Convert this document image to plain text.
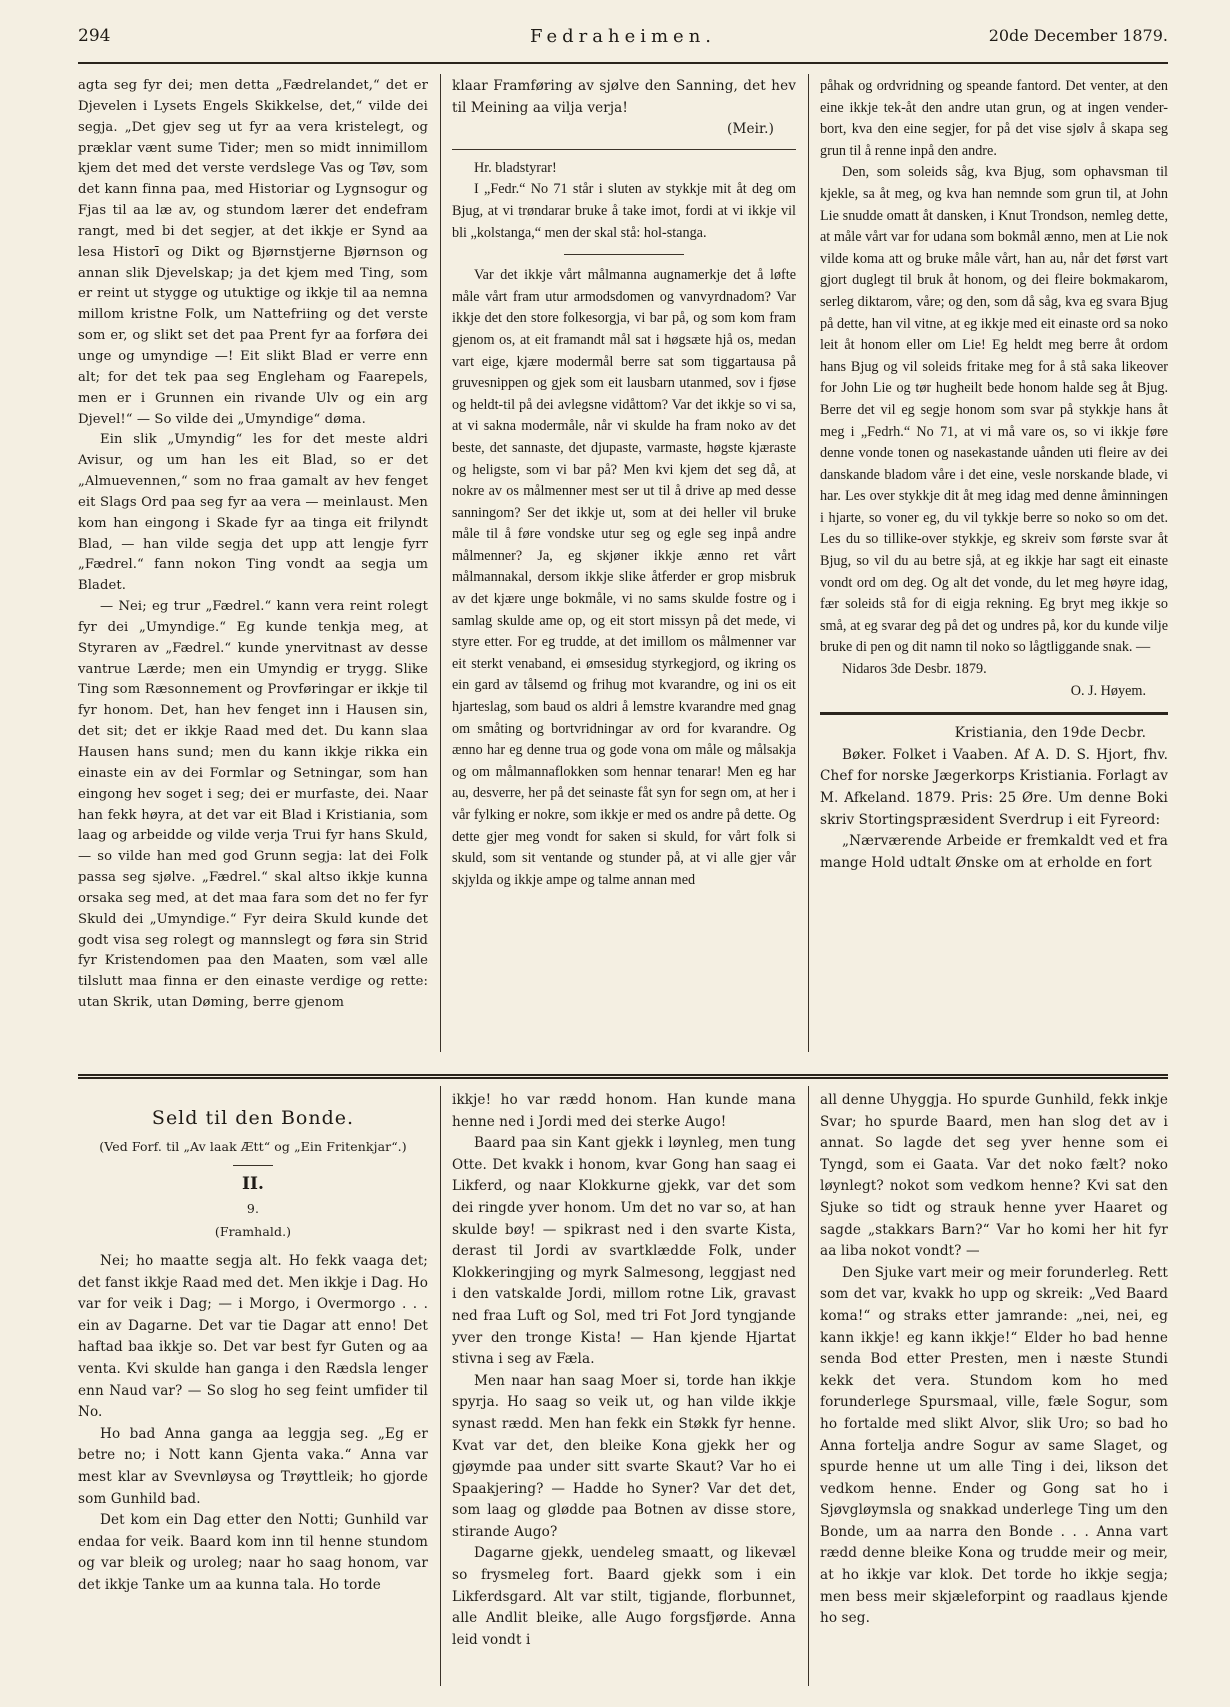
294	Fedraheimen.	20de December 1879.

agta seg fyr dei; men detta „Fædrelandet,“ det er Djevelen i Lysets Engels Skikkelse, det,“ vilde dei segja. „Det gjev seg ut fyr aa vera kristelegt, og præklar vænt sume Tider; men so midt innimillom kjem det med det verste verdslege Vas og Tøv, som det kann finna paa, med Historiar og Lygnsogur og Fjas til aa læ av, og stundom lærer det endefram rangt, med bi det segjer, at det ikkje er Synd aa lesa Historī og Dikt og Bjørnstjerne Bjørnson og annan slik Djevelskap; ja det kjem med Ting, som er reint ut stygge og utuktige og ikkje til aa nemna millom kristne Folk, um Nattefriing og det verste som er, og slikt set det paa Prent fyr aa forføra dei unge og umyndige —! Eit slikt Blad er verre enn alt; for det tek paa seg Engleham og Faarepels, men er i Grunnen ein rivande Ulv og ein arg Djevel!“ — So vilde dei „Umyndige“ døma.

Ein slik „Umyndig“ les for det meste aldri Avisur, og um han les eit Blad, so er det „Almuevennen,“ som no fraa gamalt av hev fenget eit Slags Ord paa seg fyr aa vera — meinlaust. Men kom han eingong i Skade fyr aa tinga eit frilyndt Blad, — han vilde segja det upp att lengje fyrr „Fædrel.“ fann nokon Ting vondt aa segja um Bladet.

— Nei; eg trur „Fædrel.“ kann vera reint rolegt fyr dei „Umyndige.“ Eg kunde tenkja meg, at Styraren av „Fædrel.“ kunde ynervitnast av desse vantrue Lærde; men ein Umyndig er trygg. Slike Ting som Ræsonnement og Provføringar er ikkje til fyr honom. Det, han hev fenget inn i Hausen sin, det sit; det er ikkje Raad med det. Du kann slaa Hausen hans sund; men du kann ikkje rikka ein einaste ein av dei Formlar og Setningar, som han eingong hev soget i seg; dei er murfaste, dei. Naar han fekk høyra, at det var eit Blad i Kristiania, som laag og arbeidde og vilde verja Trui fyr hans Skuld, — so vilde han med god Grunn segja: lat dei Folk passa seg sjølve. „Fædrel.“ skal altso ikkje kunna orsaka seg med, at det maa fara som det no fer fyr Skuld dei „Umyndige.“ Fyr deira Skuld kunde det godt visa seg rolegt og mannslegt og føra sin Strid fyr Kristendomen paa den Maaten, som væl alle tilslutt maa finna er den einaste verdige og rette: utan Skrik, utan Døming, berre gjenom

klaar Framføring av sjølve den Sanning, det hev til Meining aa vilja verja!

(Meir.)

Hr. bladstyrar!

I „Fedr.“ No 71 står i sluten av stykkje mit åt deg om Bjug, at vi trøndarar bruke å take imot, fordi at vi ikkje vil bli „kolstanga,“ men der skal stå: hol-stanga.

Var det ikkje vårt målmanna augnamerkje det å løfte måle vårt fram utur armodsdomen og vanvyrdnadom? Var ikkje det den store folkesorgja, vi bar på, og som kom fram gjenom os, at eit framandt mål sat i høgsæte hjå os, medan vart eige, kjære modermål berre sat som tiggartausa på gruvesnippen og gjek som eit lausbarn utanmed, sov i fjøse og heldt-til på dei avlegsne vidåttom? Var det ikkje so vi sa, at vi sakna modermåle, når vi skulde ha fram noko av det beste, det sannaste, det djupaste, varmaste, høgste kjæraste og heligste, som vi bar på? Men kvi kjem det seg då, at nokre av os målmenner mest ser ut til å drive ap med desse sanningom? Ser det ikkje ut, som at dei heller vil bruke måle til å føre vondske utur seg og egle seg inpå andre målmenner? Ja, eg skjøner ikkje ænno ret vårt målmannakal, dersom ikkje slike åtferder er grop misbruk av det kjære unge bokmåle, vi no sams skulde fostre og i samlag skulde ame op, og eit stort missyn på det mede, vi styre etter. For eg trudde, at det imillom os målmenner var eit sterkt venaband, ei ømsesidug styrkegjord, og ikring os ein gard av tålsemd og frihug mot kvarandre, og ini os eit hjarteslag, som baud os aldri å lemstre kvarandre med gnag om småting og bortvridningar av ord for kvarandre. Og ænno har eg denne trua og gode vona om måle og målsakja og om målmannaflokken som hennar tenarar! Men eg har au, desverre, her på det seinaste fåt syn for segn om, at her i vår fylking er nokre, som ikkje er med os andre på dette. Og dette gjer meg vondt for saken si skuld, for vårt folk si skuld, som sit ventande og stunder på, at vi alle gjer vår skjylda og ikkje ampe og talme annan med

påhak og ordvridning og speande fantord. Det venter, at den eine ikkje tek-åt den andre utan grun, og at ingen vender-bort, kva den eine segjer, for på det vise sjølv å skapa seg grun til å renne inpå den andre.

Den, som soleids såg, kva Bjug, som ophavsman til kjekle, sa åt meg, og kva han nemnde som grun til, at John Lie snudde omatt åt dansken, i Knut Trondson, nemleg dette, at måle vårt var for udana som bokmål ænno, men at Lie nok vilde koma att og bruke måle vårt, han au, når det først vart gjort duglegt til bruk åt honom, og dei fleire bokmakarom, serleg diktarom, våre; og den, som då såg, kva eg svara Bjug på dette, han vil vitne, at eg ikkje med eit einaste ord sa noko leit åt honom eller om Lie! Eg heldt meg berre åt ordom hans Bjug og vil soleids fritake meg for å stå saka likeover for John Lie og tør hugheilt bede honom halde seg åt Bjug. Berre det vil eg segje honom som svar på stykkje hans åt meg i „Fedrh.“ No 71, at vi må vare os, so vi ikkje føre denne vonde tonen og nasekastande uånden uti fleire av dei danskande bladom våre i det eine, vesle norskande blade, vi har. Les over stykkje dit åt meg idag med denne åminningen i hjarte, so voner eg, du vil tykkje berre so noko so om det. Les du so tillike-over stykkje, eg skreiv som første svar åt Bjug, so vil du au betre sjå, at eg ikkje har sagt eit einaste vondt ord om deg. Og alt det vonde, du let meg høyre idag, fær soleids stå for di eigja rekning. Eg bryt meg ikkje so små, at eg svarar deg på det og undres på, kor du kunde vilje bruke di pen og dit namn til noko so lågtliggande snak. —

Nidaros 3de Desbr. 1879.

O. J. Høyem.

Kristiania, den 19de Decbr.

Bøker. Folket i Vaaben. Af A. D. S. Hjort, fhv. Chef for norske Jægerkorps Kristiania. Forlagt av M. Afkeland. 1879. Pris: 25 Øre. Um denne Boki skriv Stortingspræsident Sverdrup i eit Fyreord:

„Nærværende Arbeide er fremkaldt ved et fra mange Hold udtalt Ønske om at erholde en fort

Seld til den Bonde.
(Ved Forf. til „Av laak Ætt“ og „Ein Fritenkjar“.)
II.
9.
(Framhald.)

Nei; ho maatte segja alt. Ho fekk vaaga det; det fanst ikkje Raad med det. Men ikkje i Dag. Ho var for veik i Dag; — i Morgo, i Overmorgo . . . ein av Dagarne. Det var tie Dagar att enno! Det haftad baa ikkje so. Det var best fyr Guten og aa venta. Kvi skulde han ganga i den Rædsla lenger enn Naud var? — So slog ho seg feint umfider til No.

Ho bad Anna ganga aa leggja seg. „Eg er betre no; i Nott kann Gjenta vaka.“ Anna var mest klar av Svevnløysa og Trøyttleik; ho gjorde som Gunhild bad.

Det kom ein Dag etter den Notti; Gunhild var endaa for veik. Baard kom inn til henne stundom og var bleik og uroleg; naar ho saag honom, var det ikkje Tanke um aa kunna tala. Ho torde

ikkje! ho var rædd honom. Han kunde mana henne ned i Jordi med dei sterke Augo!

Baard paa sin Kant gjekk i løynleg, men tung Otte. Det kvakk i honom, kvar Gong han saag ei Likferd, og naar Klokkurne gjekk, var det som dei ringde yver honom. Um det no var so, at han skulde bøy! — spikrast ned i den svarte Kista, derast til Jordi av svartklædde Folk, under Klokkeringjing og myrk Salmesong, leggjast ned i den vatskalde Jordi, millom rotne Lik, gravast ned fraa Luft og Sol, med tri Fot Jord tyngjande yver den tronge Kista! — Han kjende Hjartat stivna i seg av Fæla.

Men naar han saag Moer si, torde han ikkje spyrja. Ho saag so veik ut, og han vilde ikkje synast rædd. Men han fekk ein Støkk fyr henne. Kvat var det, den bleike Kona gjekk her og gjøymde paa under sitt svarte Skaut? Var ho ei Spaakjering? — Hadde ho Syner? Var det det, som laag og glødde paa Botnen av disse store, stirande Augo?

Dagarne gjekk, uendeleg smaatt, og likevæl so frysmeleg fort. Baard gjekk som i ein Likferdsgard. Alt var stilt, tigjande, florbunnet, alle Andlit bleike, alle Augo forgsfjørde. Anna leid vondt i

all denne Uhyggja. Ho spurde Gunhild, fekk inkje Svar; ho spurde Baard, men han slog det av i annat. So lagde det seg yver henne som ei Tyngd, som ei Gaata. Var det noko fælt? noko løynlegt? nokot som vedkom henne? Kvi sat den Sjuke so tidt og strauk henne yver Haaret og sagde „stakkars Barn?“ Var ho komi her hit fyr aa liba nokot vondt? —

Den Sjuke vart meir og meir forunderleg. Rett som det var, kvakk ho upp og skreik: „Ved Baard koma!“ og straks etter jamrande: „nei, nei, eg kann ikkje! eg kann ikkje!“ Elder ho bad henne senda Bod etter Presten, men i næste Stundi kekk det vera. Stundom kom ho med forunderlege Spursmaal, ville, fæle Sogur, som ho fortalde med slikt Alvor, slik Uro; so bad ho Anna fortelja andre Sogur av same Slaget, og spurde henne ut um alle Ting i dei, likson det vedkom henne. Ender og Gong sat ho i Sjøvgløymsla og snakkad underlege Ting um den Bonde, um aa narra den Bonde . . . Anna vart rædd denne bleike Kona og trudde meir og meir, at ho ikkje var klok. Det torde ho ikkje segja; men bess meir skjæleforpint og raadlaus kjende ho seg.
